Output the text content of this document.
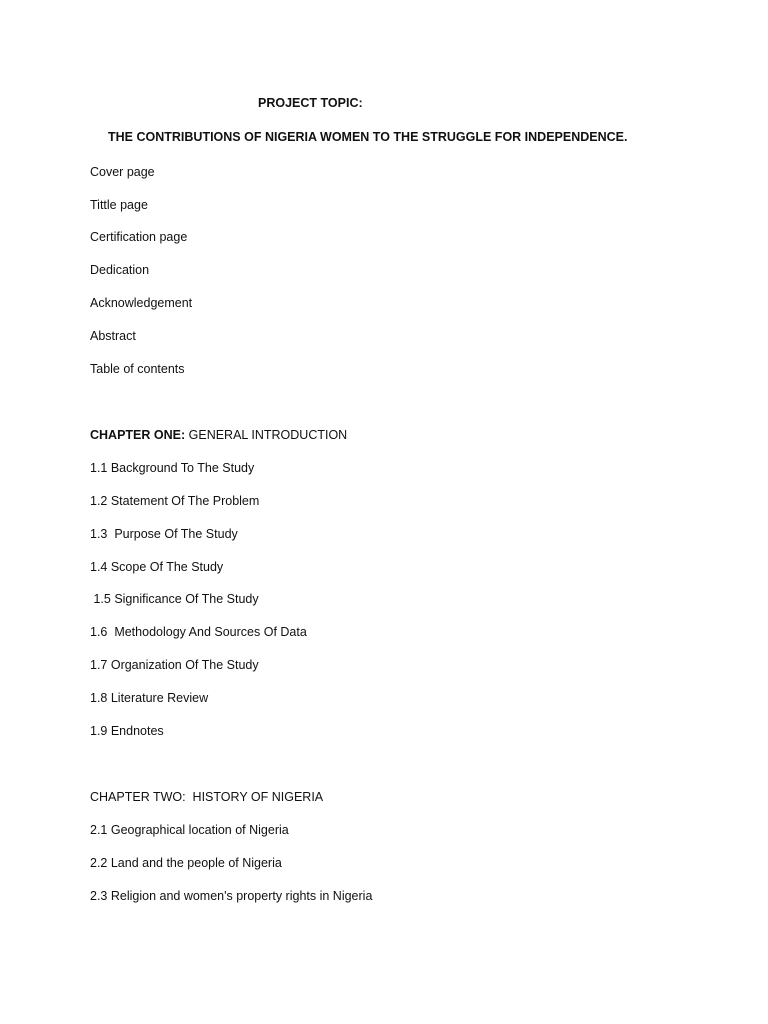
PROJECT TOPIC:
THE CONTRIBUTIONS OF NIGERIA WOMEN TO THE STRUGGLE FOR INDEPENDENCE.
Cover page
Tittle page
Certification page
Dedication
Acknowledgement
Abstract
Table of contents
CHAPTER ONE: GENERAL INTRODUCTION
1.1 Background To The Study
1.2 Statement Of The Problem
1.3  Purpose Of The Study
1.4 Scope Of The Study
1.5 Significance Of The Study
1.6  Methodology And Sources Of Data
1.7 Organization Of The Study
1.8 Literature Review
1.9 Endnotes
CHAPTER TWO:  HISTORY OF NIGERIA
2.1 Geographical location of Nigeria
2.2 Land and the people of Nigeria
2.3 Religion and women's property rights in Nigeria
